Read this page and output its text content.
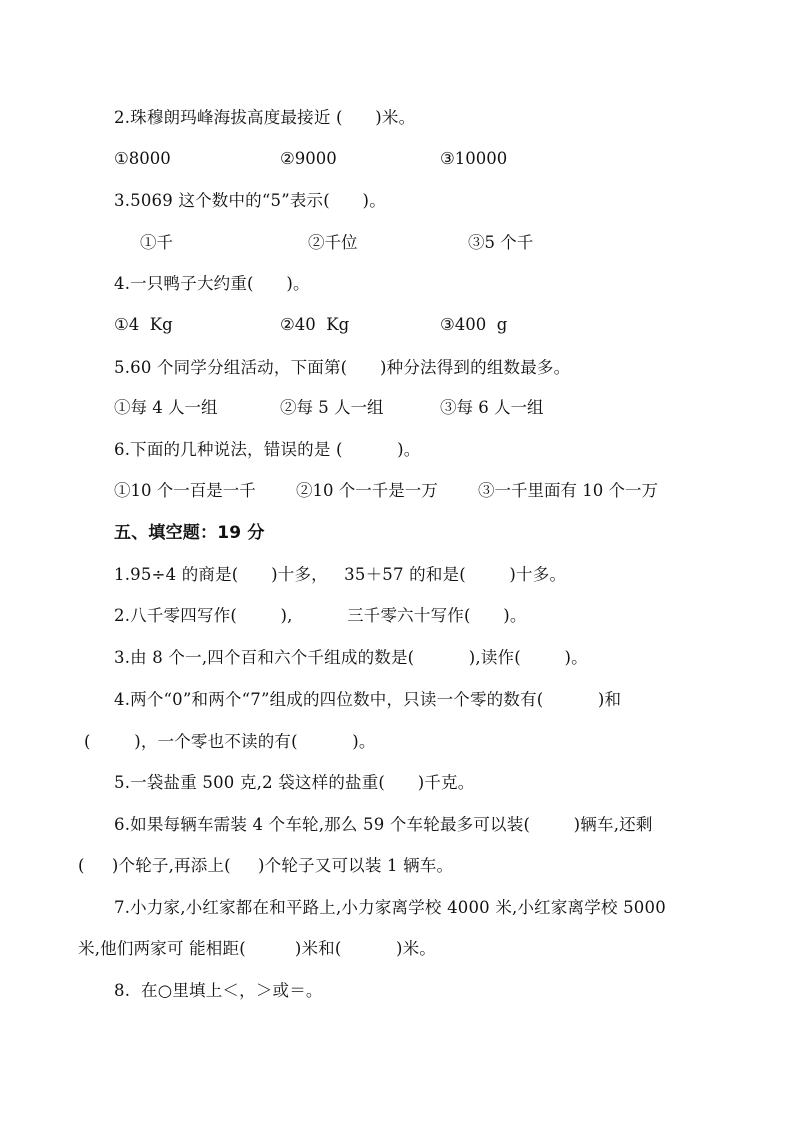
2.珠穆朗玛峰海拔高度最接近 (      )米。
①8000	②9000	③10000
3.5069 这个数中的“5”表示(      )。
①千	②千位	③5 个千
4.一只鸭子大约重(      )。
①4  Kg	②40  Kg	③400  g
5.60 个同学分组活动，下面第(      )种分法得到的组数最多。
①每 4 人一组	②每 5 人一组	③每 6 人一组
6.下面的几种说法，错误的是 (          )。
①10 个一百是一千 ②10 个一千是一万 ③一千里面有 10 个一万
五、填空题：19 分
1.95÷4 的商是(      )十多，   35＋57 的和是(        )十多。
2.八千零四写作(        ),          三千零六十写作(      )。
3.由 8 个一,四个百和六个千组成的数是(          ),读作(        )。
4.两个“0”和两个“7”组成的四位数中，只读一个零的数有(          )和
(        )，一个零也不读的有(          )。
5.一袋盐重 500 克,2 袋这样的盐重(      )千克。
6.如果每辆车需装 4 个车轮,那么 59 个车轮最多可以装(        )辆车,还剩
(     )个轮子,再添上(     )个轮子又可以装 1 辆车。
7.小力家,小红家都在和平路上,小力家离学校 4000 米,小红家离学校 5000
米,他们两家可 能相距(         )米和(          )米。
8.  在○里填上＜，＞或＝。
